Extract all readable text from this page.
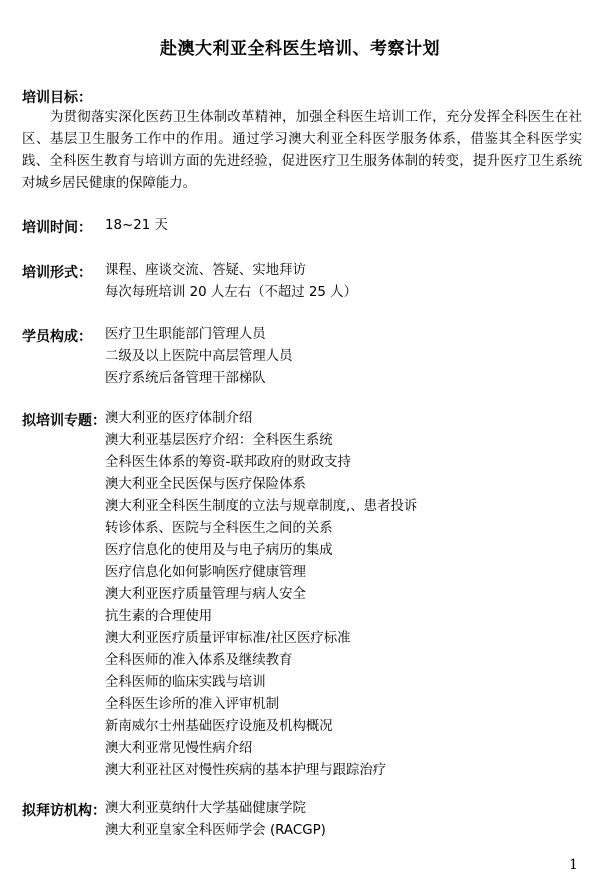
赴澳大利亚全科医生培训、考察计划
培训目标：
为贯彻落实深化医药卫生体制改革精神，加强全科医生培训工作，充分发挥全科医生在社区、基层卫生服务工作中的作用。通过学习澳大利亚全科医学服务体系，借鉴其全科医学实践、全科医生教育与培训方面的先进经验，促进医疗卫生服务体制的转变，提升医疗卫生系统对城乡居民健康的保障能力。
培训时间： 18~21 天
培训形式： 课程、座谈交流、答疑、实地拜访
每次每班培训 20 人左右（不超过 25 人）
学员构成： 医疗卫生职能部门管理人员
二级及以上医院中高层管理人员
医疗系统后备管理干部梯队
拟培训专题： 澳大利亚的医疗体制介绍
澳大利亚基层医疗介绍：全科医生系统
全科医生体系的筹资-联邦政府的财政支持
澳大利亚全民医保与医疗保险体系
澳大利亚全科医生制度的立法与规章制度,、患者投诉
转诊体系、医院与全科医生之间的关系
医疗信息化的使用及与电子病历的集成
医疗信息化如何影响医疗健康管理
澳大利亚医疗质量管理与病人安全
抗生素的合理使用
澳大利亚医疗质量评审标准/社区医疗标准
全科医师的准入体系及继续教育
全科医师的临床实践与培训
全科医生诊所的准入评审机制
新南威尔士州基础医疗设施及机构概况
澳大利亚常见慢性病介绍
澳大利亚社区对慢性疾病的基本护理与跟踪治疗
拟拜访机构： 澳大利亚莫纳什大学基础健康学院
澳大利亚皇家全科医师学会 (RACGP)
1
